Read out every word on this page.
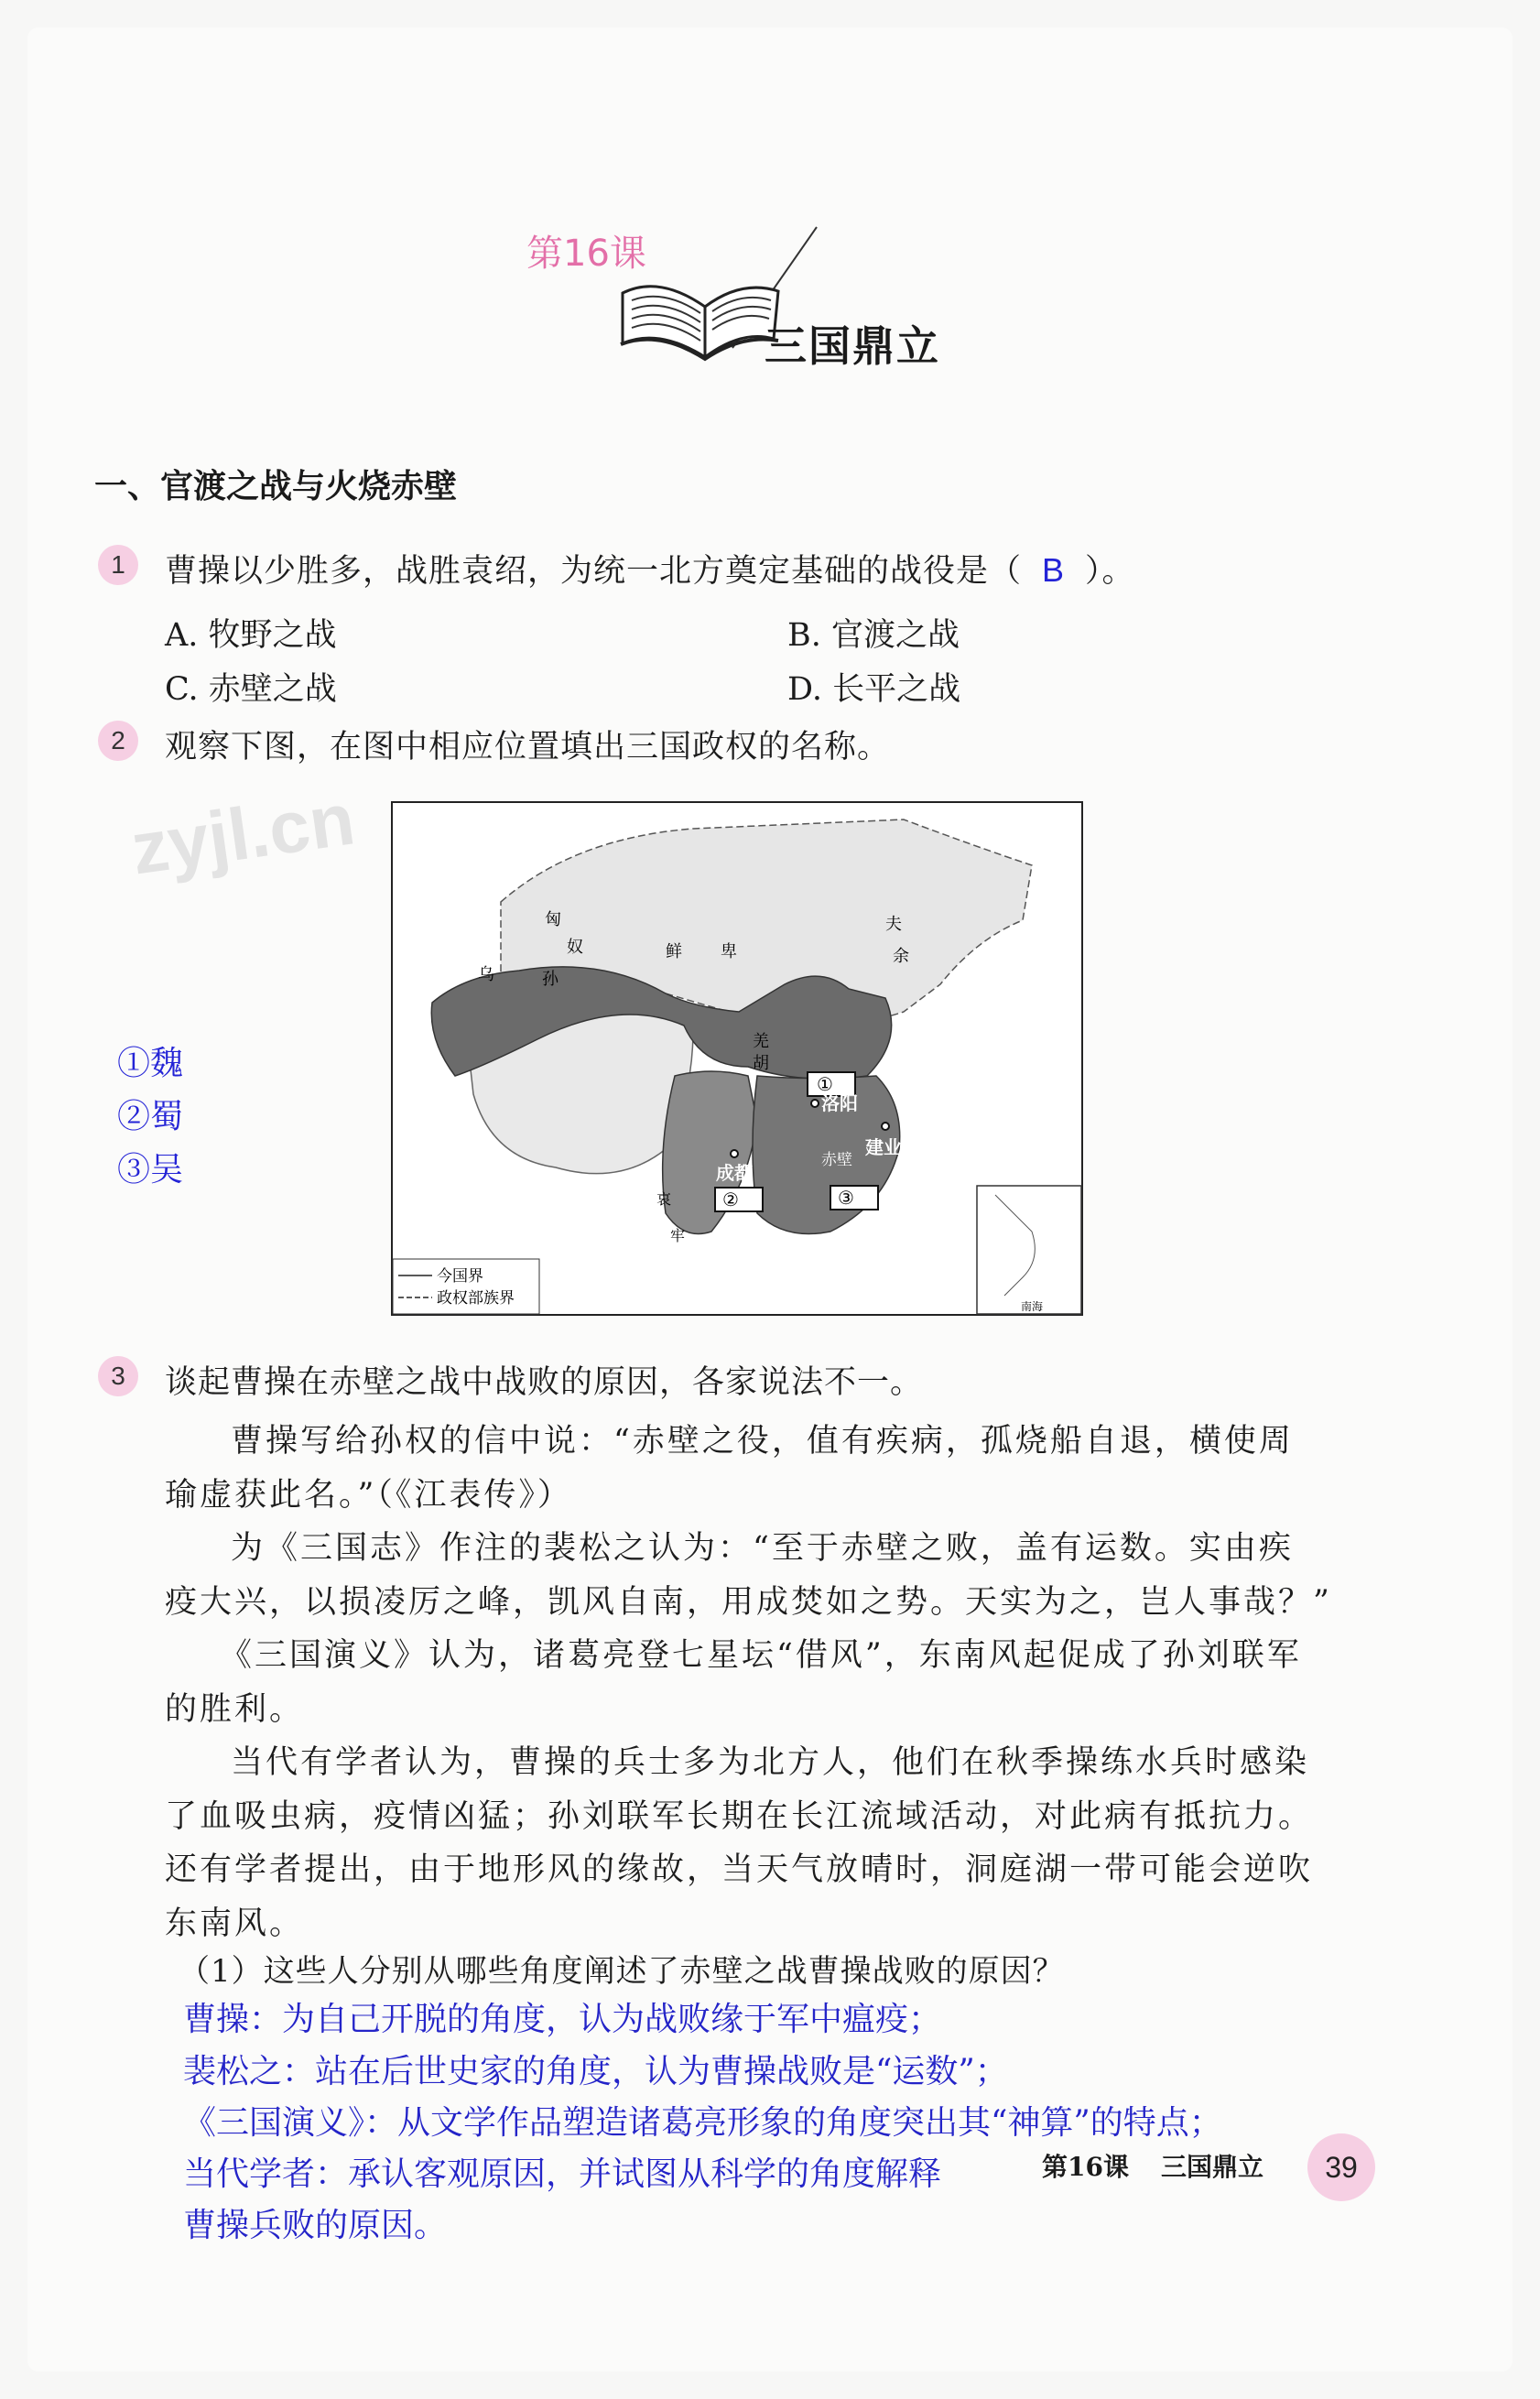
第16课
三国鼎立
一、官渡之战与火烧赤壁
1	曹操以少胜多，战胜袁绍，为统一北方奠定基础的战役是（ B ）。
A. 牧野之战	B. 官渡之战
C. 赤壁之战	D. 长平之战
2	观察下图，在图中相应位置填出三国政权的名称。
zyjl.cn
今国界
政权部族界	南海
夫
余
鲜 卑
匈
奴
乌	孙
羌
胡
①
洛阳
建业
成都
赤壁
②	③
哀
牢
①魏
②蜀
③吴
3	谈起曹操在赤壁之战中战败的原因，各家说法不一。
曹操写给孙权的信中说：“赤壁之役，值有疾病，孤烧船自退，横使周
瑜虚获此名。”（《江表传》）
为《三国志》作注的裴松之认为：“至于赤壁之败，盖有运数。实由疾
疫大兴，以损凌厉之峰，凯风自南，用成焚如之势。天实为之，岂人事哉？”
《三国演义》认为，诸葛亮登七星坛“借风”，东南风起促成了孙刘联军
的胜利。
当代有学者认为，曹操的兵士多为北方人，他们在秋季操练水兵时感染
了血吸虫病，疫情凶猛；孙刘联军长期在长江流域活动，对此病有抵抗力。
还有学者提出，由于地形风的缘故，当天气放晴时，洞庭湖一带可能会逆吹
东南风。
（1）这些人分别从哪些角度阐述了赤壁之战曹操战败的原因？
曹操：为自己开脱的角度，认为战败缘于军中瘟疫；
裴松之：站在后世史家的角度，认为曹操战败是“运数”；
《三国演义》：从文学作品塑造诸葛亮形象的角度突出其“神算”的特点；
当代学者：承认客观原因，并试图从科学的角度解释
曹操兵败的原因。
第16课 三国鼎立	39
